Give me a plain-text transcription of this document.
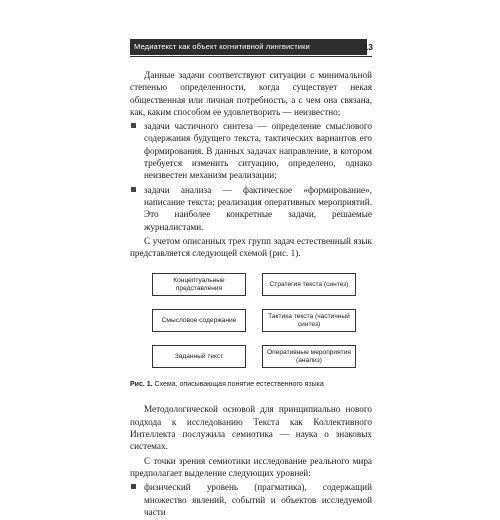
Медиатекст как объект когнитивной лингвистики	13

Данные задачи соответствуют ситуации с минимальной степенью определенности, когда существует некая общественная или личная потребность, а с чем она связана, как, каким способом ее удовлетворить — неизвестно;

задачи частичного синтеза — определение смыслового содержания будущего текста, тактических вариантов его формирования. В данных задачах направление, в котором требуется изменить ситуацию, определено, однако неизвестен механизм реализации;

задачи анализа — фактическое «формирование», написание текста; реализация оперативных мероприятий. Это наиболее конкретные задачи, решаемые журналистами.

С учетом описанных трех групп задач естественный язык представляется следующей схемой (рис. 1).

Концептуальные представления
Смысловое содержание
Заданный текст
Стратегия текста (синтез)
Тактика текста (частичный синтез)
Оперативные мероприятия (анализ)
Рис. 1. Схема, описывающая понятие естественного языка

Методологической основой для принципиально нового подхода к исследованию Текста как Коллективного Интеллекта послужила семиотика — наука о знаковых системах.

С точки зрения семиотики исследование реального мира предполагает выделение следующих уровней:

физический уровень (прагматика), содержащий множество явлений, событий и объектов исследуемой части
